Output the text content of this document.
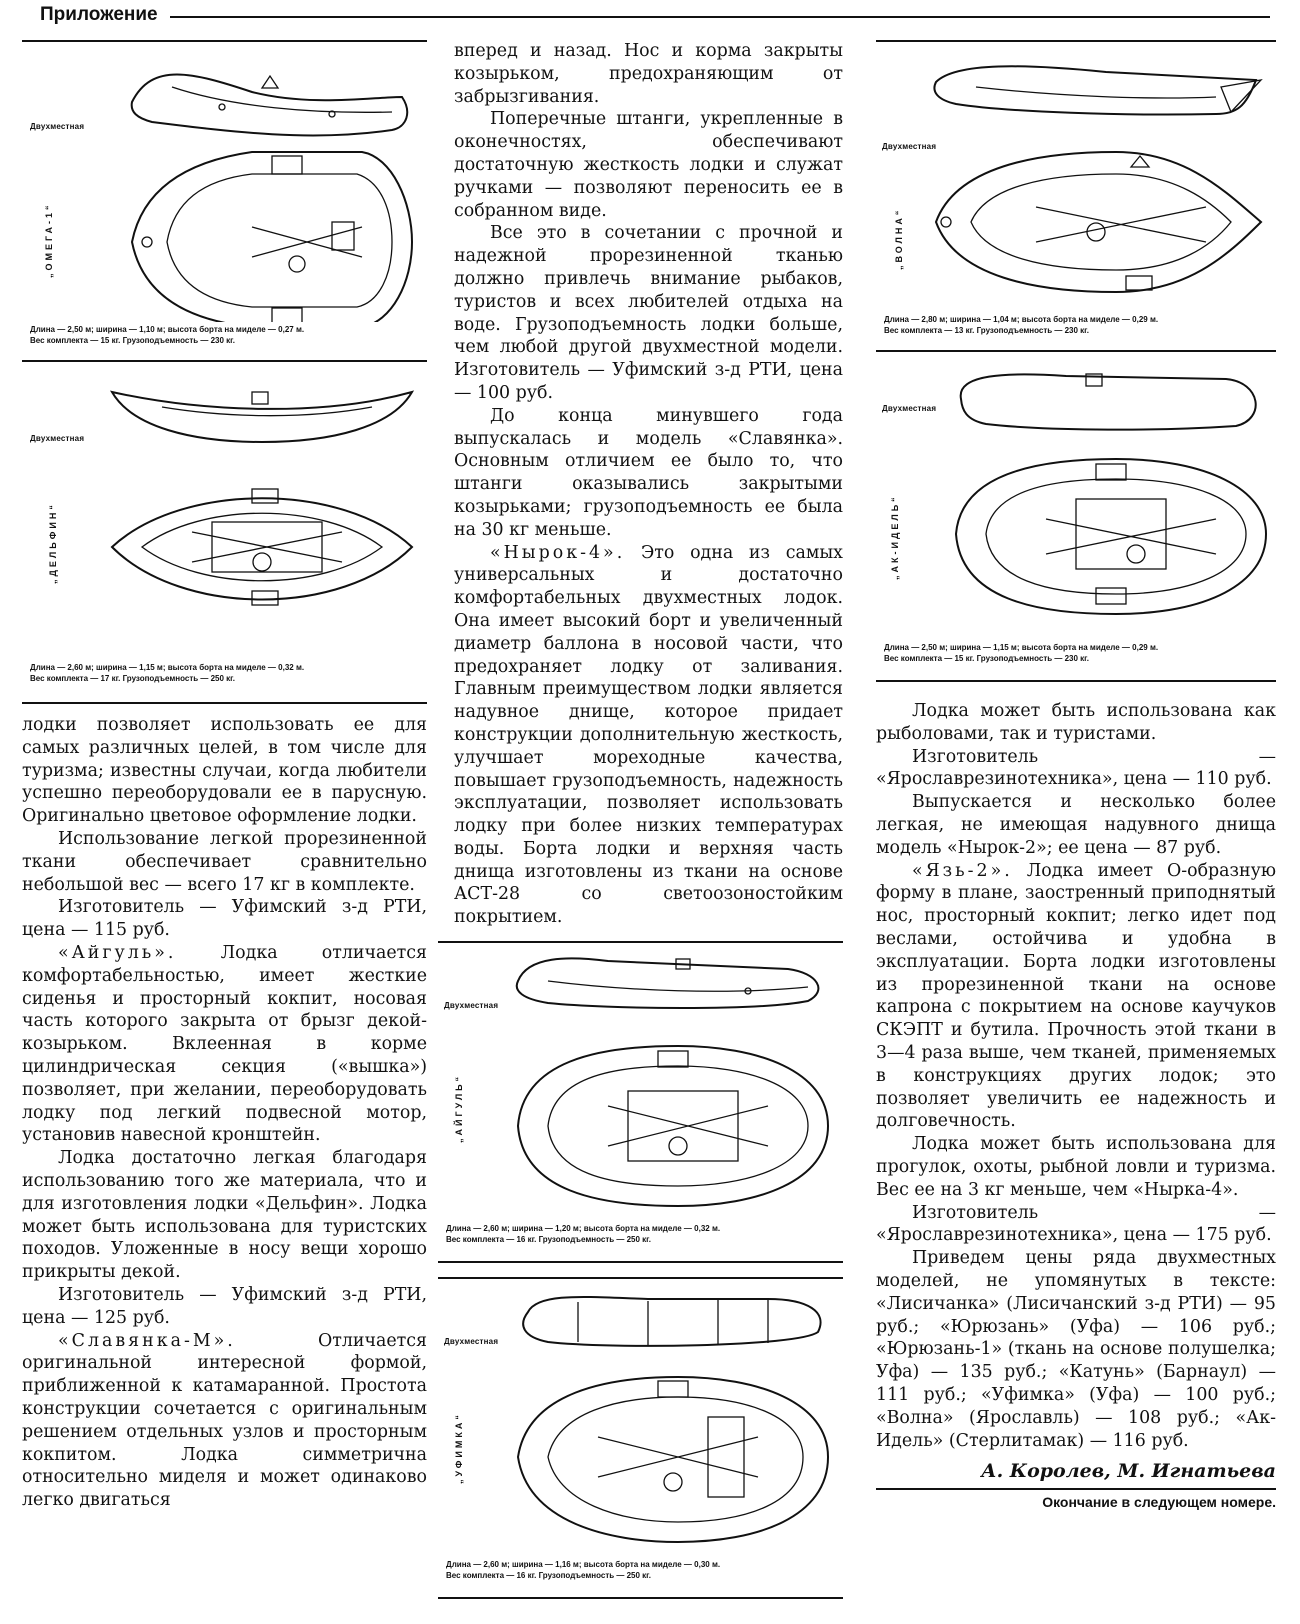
Приложение
Двухместная
„ОМЕГА-1“
Длина — 2,50 м; ширина — 1,10 м; высота борта на миделе — 0,27 м.
Вес комплекта — 15 кг. Грузоподъемность — 230 кг.
Двухместная
„ДЕЛЬФИН“
Длина — 2,60 м; ширина — 1,15 м; высота борта на миделе — 0,32 м.
Вес комплекта — 17 кг. Грузоподъемность — 250 кг.

лодки позволяет использовать ее для самых различных целей, в том числе для туризма; известны случаи, когда любители успешно переоборудовали ее в парусную. Оригинально цветовое оформление лодки.

Использование легкой прорезиненной ткани обеспечивает сравнительно небольшой вес — всего 17 кг в комплекте.

Изготовитель — Уфимский з-д РТИ, цена — 115 руб.

«Айгуль». Лодка отличается комфортабельностью, имеет жесткие сиденья и просторный кокпит, носовая часть которого закрыта от брызг декой-козырьком. Вклеенная в корме цилиндрическая секция («вышка») позволяет, при желании, переоборудовать лодку под легкий подвесной мотор, установив навесной кронштейн.

Лодка достаточно легкая благодаря использованию того же материала, что и для изготовления лодки «Дельфин». Лодка может быть использована для туристских походов. Уложенные в носу вещи хорошо прикрыты декой.

Изготовитель — Уфимский з-д РТИ, цена — 125 руб.

«Славянка-М». Отличается оригинальной интересной формой, приближенной к катамаранной. Простота конструкции сочетается с оригинальным решением отдельных узлов и просторным кокпитом. Лодка симметрична относительно миделя и может одинаково легко двигаться

вперед и назад. Нос и корма закрыты козырьком, предохраняющим от забрызгивания.

Поперечные штанги, укрепленные в оконечностях, обеспечивают достаточную жесткость лодки и служат ручками — позволяют переносить ее в собранном виде.

Все это в сочетании с прочной и надежной прорезиненной тканью должно привлечь внимание рыбаков, туристов и всех любителей отдыха на воде. Грузоподъемность лодки больше, чем любой другой двухместной модели. Изготовитель — Уфимский з-д РТИ, цена — 100 руб.

До конца минувшего года выпускалась и модель «Славянка». Основным отличием ее было то, что штанги оказывались закрытыми козырьками; грузоподъемность ее была на 30 кг меньше.

«Нырок-4». Это одна из самых универсальных и достаточно комфортабельных двухместных лодок. Она имеет высокий борт и увеличенный диаметр баллона в носовой части, что предохраняет лодку от заливания. Главным преимуществом лодки является надувное днище, которое придает конструкции дополнительную жесткость, улучшает мореходные качества, повышает грузоподъемность, надежность эксплуатации, позволяет использовать лодку при более низких температурах воды. Борта лодки и верхняя часть днища изготовлены из ткани на основе АСТ-28 со светоозоностойким покрытием.

Двухместная
„АЙГУЛЬ“
Длина — 2,60 м; ширина — 1,20 м; высота борта на миделе — 0,32 м.
Вес комплекта — 16 кг. Грузоподъемность — 250 кг.
Двухместная
„УФИМКА“
Длина — 2,60 м; ширина — 1,16 м; высота борта на миделе — 0,30 м.
Вес комплекта — 16 кг. Грузоподъемность — 250 кг.
Двухместная
„ВОЛНА“
Длина — 2,80 м; ширина — 1,04 м; высота борта на миделе — 0,29 м.
Вес комплекта — 13 кг. Грузоподъемность — 230 кг.
Двухместная
„АК-ИДЕЛЬ“
Длина — 2,50 м; ширина — 1,15 м; высота борта на миделе — 0,29 м.
Вес комплекта — 15 кг. Грузоподъемность — 230 кг.

Лодка может быть использована как рыболовами, так и туристами.

Изготовитель — «Ярославрезинотехника», цена — 110 руб.

Выпускается и несколько более легкая, не имеющая надувного днища модель «Нырок-2»; ее цена — 87 руб.

«Язь-2». Лодка имеет О-образную форму в плане, заостренный приподнятый нос, просторный кокпит; легко идет под веслами, остойчива и удобна в эксплуатации. Борта лодки изготовлены из прорезиненной ткани на основе капрона с покрытием на основе каучуков СКЭПТ и бутила. Прочность этой ткани в 3—4 раза выше, чем тканей, применяемых в конструкциях других лодок; это позволяет увеличить ее надежность и долговечность.

Лодка может быть использована для прогулок, охоты, рыбной ловли и туризма. Вес ее на 3 кг меньше, чем «Нырка-4».

Изготовитель — «Ярославрезинотехника», цена — 175 руб.

Приведем цены ряда двухместных моделей, не упомянутых в тексте: «Лисичанка» (Лисичанский з-д РТИ) — 95 руб.; «Юрюзань» (Уфа) — 106 руб.; «Юрюзань-1» (ткань на основе полушелка; Уфа) — 135 руб.; «Катунь» (Барнаул) — 111 руб.; «Уфимка» (Уфа) — 100 руб.; «Волна» (Ярославль) — 108 руб.; «Ак-Идель» (Стерлитамак) — 116 руб.

А. Королев, М. Игнатьева
Окончание в следующем номере.
